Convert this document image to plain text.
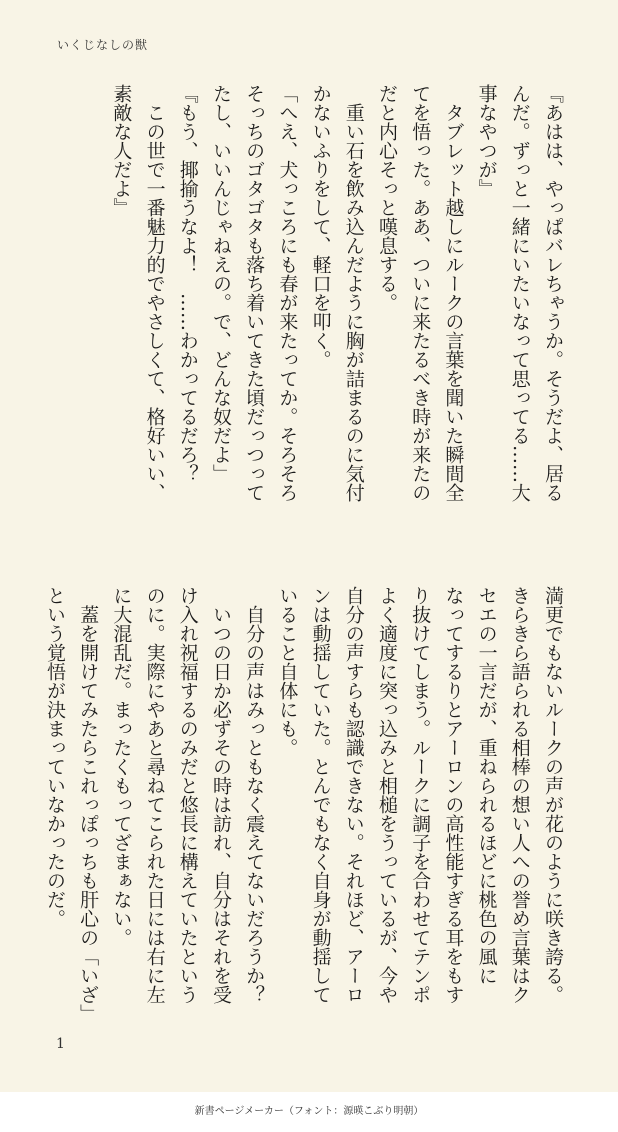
いくじなしの獣
『あはは、やっぱバレちゃうか。そうだよ、居る
んだ。ずっと一緒にいたいなって思ってる……大
事なやつが』
　タブレット越しにルークの言葉を聞いた瞬間全
てを悟った。ああ、ついに来たるべき時が来たの
だと内心そっと嘆息する。
　重い石を飲み込んだように胸が詰まるのに気付
かないふりをして、軽口を叩く。
「へえ、犬っころにも春が来たってか。そろそろ
そっちのゴタゴタも落ち着いてきた頃だっつって
たし、いいんじゃねえの。で、どんな奴だよ」
『もう、揶揄うなよ！　……わかってるだろ？
　この世で一番魅力的でやさしくて、格好いい、
素敵な人だよ』
満更でもないルークの声が花のように咲き誇る。
きらきら語られる相棒の想い人への誉め言葉はク
セエの一言だが、重ねられるほどに桃色の風に
なってするりとアーロンの高性能すぎる耳をもす
り抜けてしまう。ルークに調子を合わせてテンポ
よく適度に突っ込みと相槌をうっているが、今や
自分の声すらも認識できない。それほど、アーロ
ンは動揺していた。とんでもなく自身が動揺して
いること自体にも。
　自分の声はみっともなく震えてないだろうか？
　いつの日か必ずその時は訪れ、自分はそれを受
け入れ祝福するのみだと悠長に構えていたという
のに。実際にやあと尋ねてこられた日には右に左
に大混乱だ。まったくもってざまぁない。
　蓋を開けてみたらこれっぽっちも肝心の「いざ」
という覚悟が決まっていなかったのだ。
1
新書ページメーカー（フォント：源暎こぶり明朝）
